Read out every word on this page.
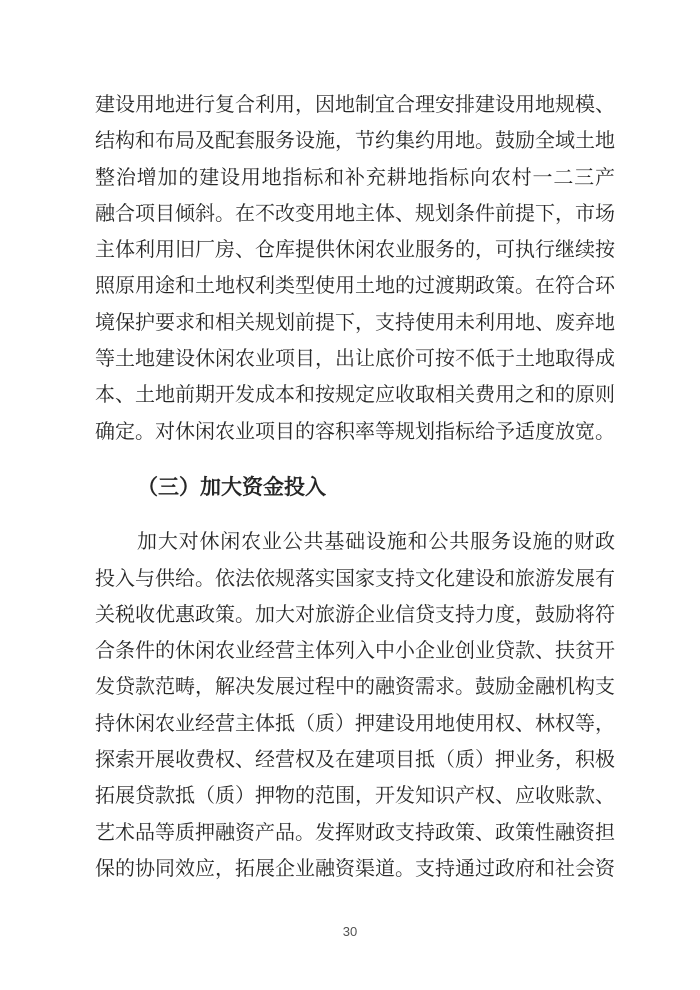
建设用地进行复合利用，因地制宜合理安排建设用地规模、

结构和布局及配套服务设施，节约集约用地。鼓励全域土地

整治增加的建设用地指标和补充耕地指标向农村一二三产

融合项目倾斜。在不改变用地主体、规划条件前提下，市场

主体利用旧厂房、仓库提供休闲农业服务的，可执行继续按

照原用途和土地权利类型使用土地的过渡期政策。在符合环

境保护要求和相关规划前提下，支持使用未利用地、废弃地

等土地建设休闲农业项目，出让底价可按不低于土地取得成

本、土地前期开发成本和按规定应收取相关费用之和的原则

确定。对休闲农业项目的容积率等规划指标给予适度放宽。

（三）加大资金投入

加大对休闲农业公共基础设施和公共服务设施的财政

投入与供给。依法依规落实国家支持文化建设和旅游发展有

关税收优惠政策。加大对旅游企业信贷支持力度，鼓励将符

合条件的休闲农业经营主体列入中小企业创业贷款、扶贫开

发贷款范畴，解决发展过程中的融资需求。鼓励金融机构支

持休闲农业经营主体抵（质）押建设用地使用权、林权等，

探索开展收费权、经营权及在建项目抵（质）押业务，积极

拓展贷款抵（质）押物的范围，开发知识产权、应收账款、

艺术品等质押融资产品。发挥财政支持政策、政策性融资担

保的协同效应，拓展企业融资渠道。支持通过政府和社会资

30
